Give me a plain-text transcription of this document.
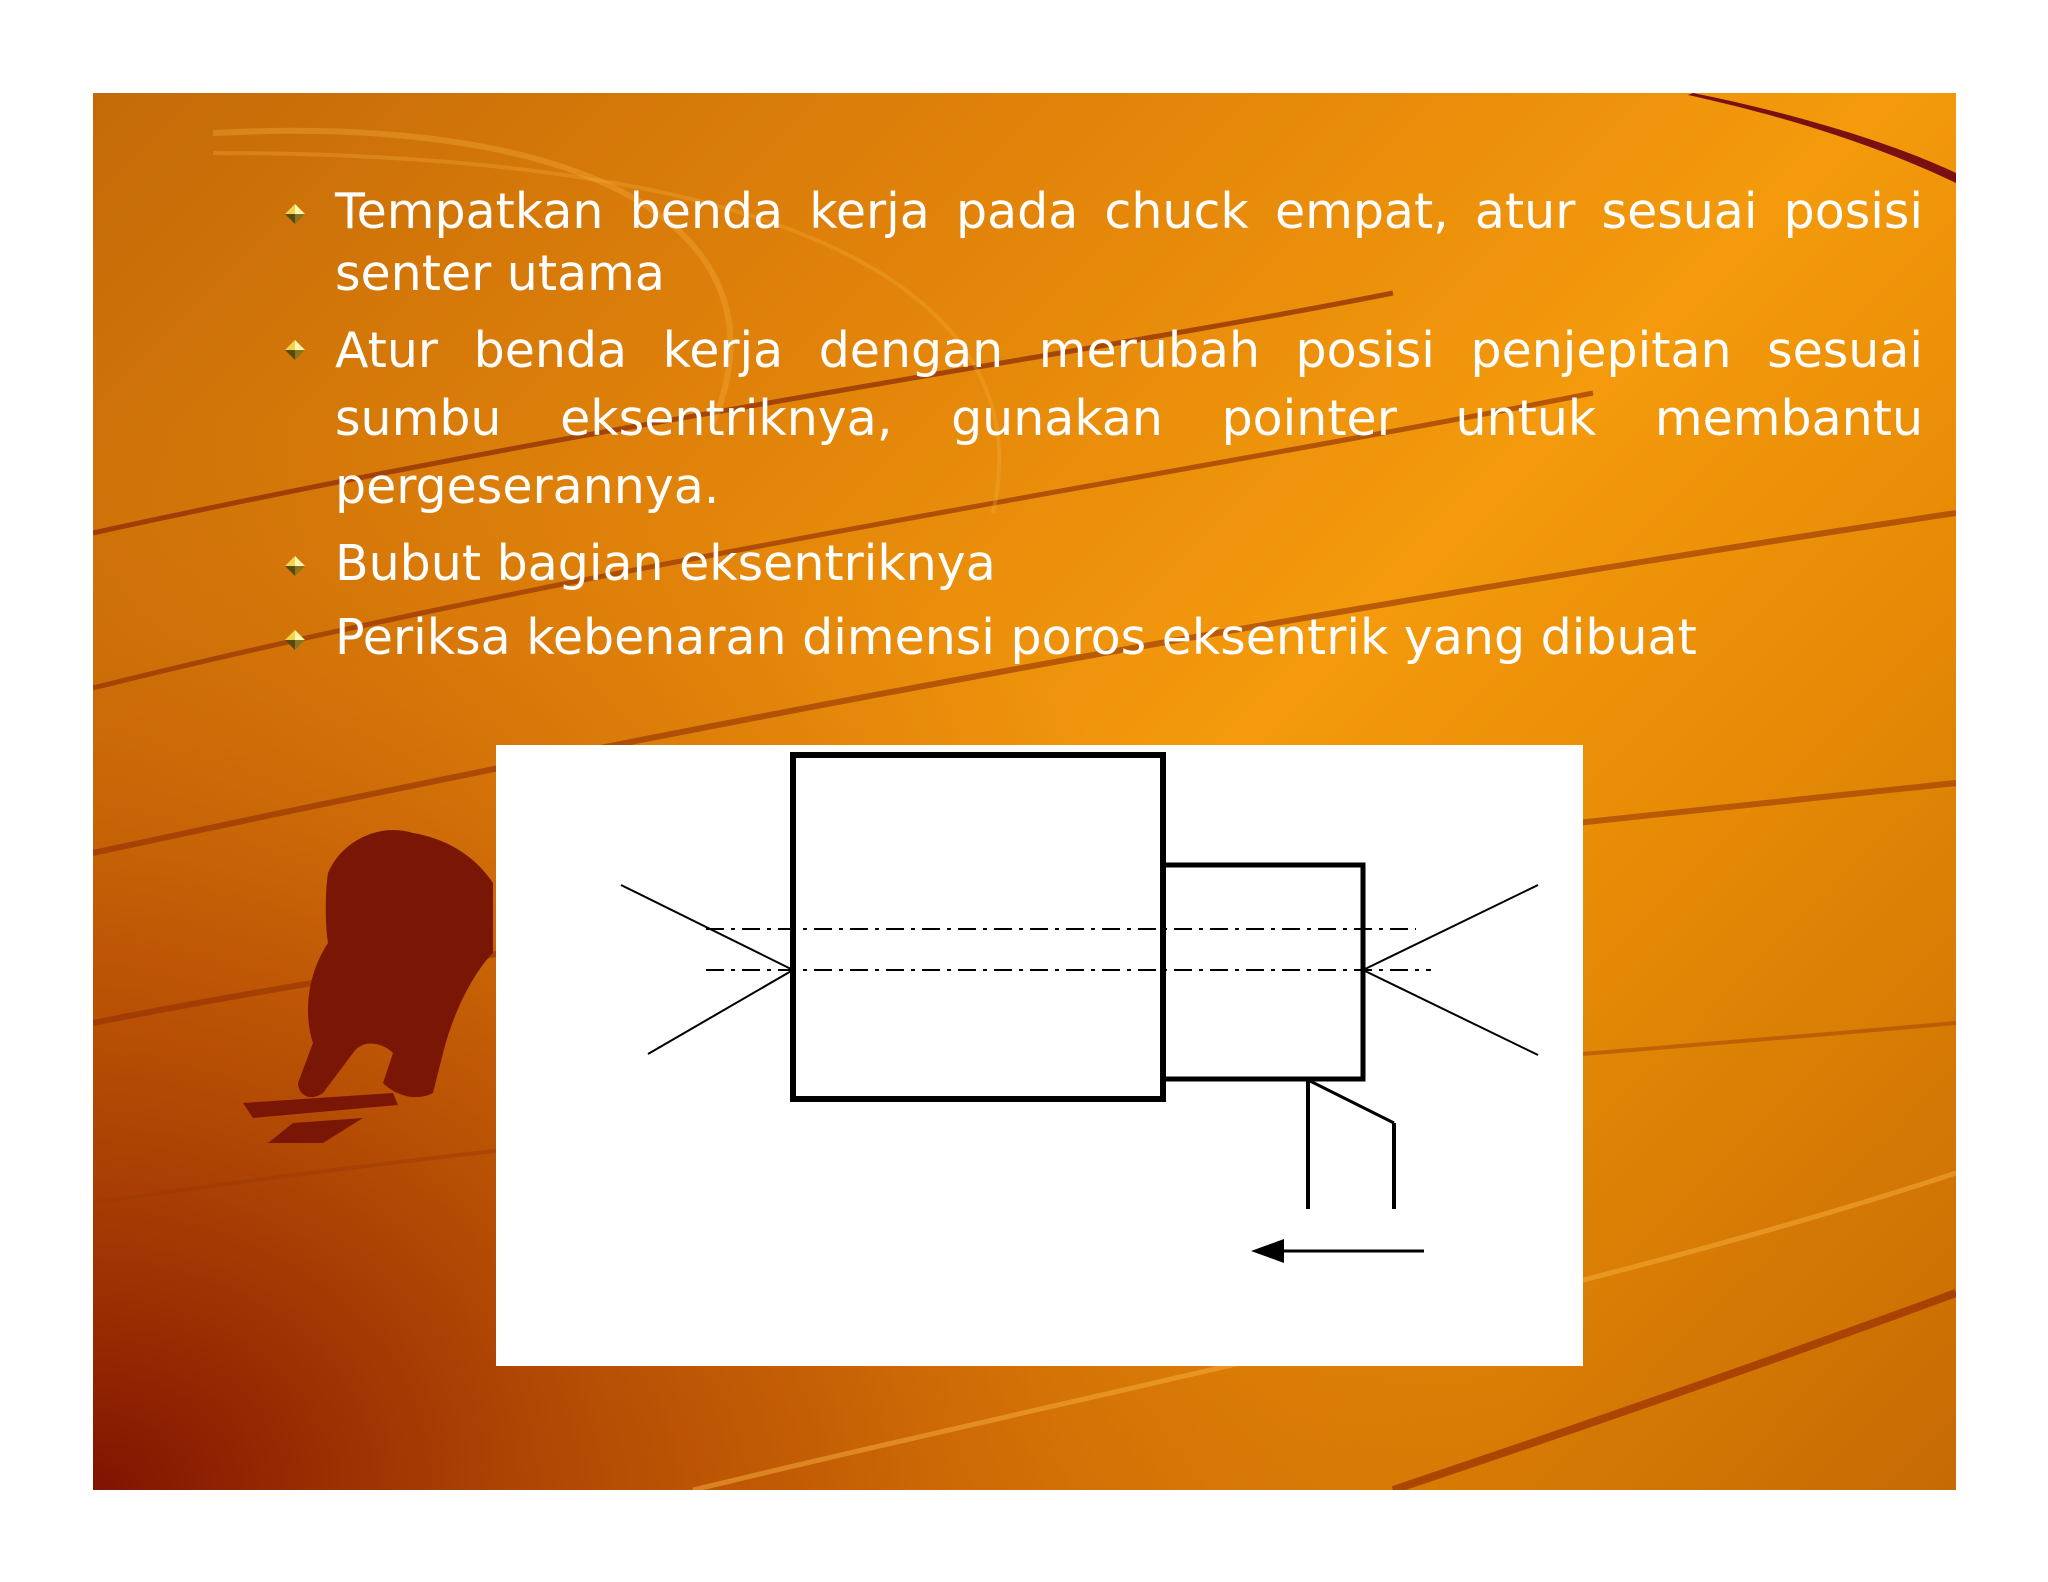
Tempatkan benda kerja pada chuck empat, atur sesuai posisi senter utama
Atur benda kerja dengan merubah posisi penjepitan sesuai sumbu eksentriknya, gunakan pointer untuk membantu pergeserannya.
Bubut bagian eksentriknya
Periksa kebenaran dimensi poros eksentrik yang dibuat
